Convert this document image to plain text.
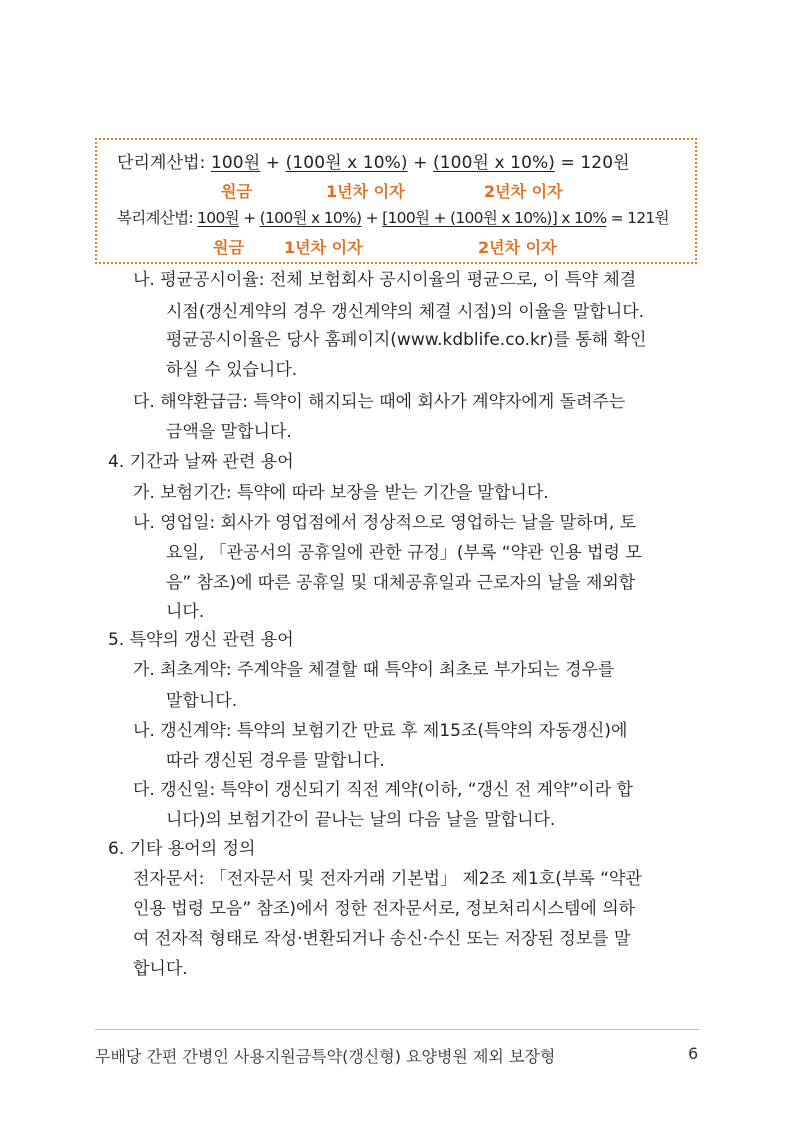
단리계산법: 100원 + (100원 x 10%) + (100원 x 10%) = 120원
원금	1년차 이자	2년차 이자
복리계산법: 100원 + (100원 x 10%) + [100원 + (100원 x 10%)] x 10% = 121원
원금	1년차 이자	2년차 이자
나. 평균공시이율: 전체 보험회사 공시이율의 평균으로, 이 특약 체결
시점(갱신계약의 경우 갱신계약의 체결 시점)의 이율을 말합니다.
평균공시이율은 당사 홈페이지(www.kdblife.co.kr)를 통해 확인
하실 수 있습니다.
다. 해약환급금: 특약이 해지되는 때에 회사가 계약자에게 돌려주는
금액을 말합니다.
4. 기간과 날짜 관련 용어
가. 보험기간: 특약에 따라 보장을 받는 기간을 말합니다.
나. 영업일: 회사가 영업점에서 정상적으로 영업하는 날을 말하며, 토
요일, 「관공서의 공휴일에 관한 규정」(부록 “약관 인용 법령 모
음” 참조)에 따른 공휴일 및 대체공휴일과 근로자의 날을 제외합
니다.
5. 특약의 갱신 관련 용어
가. 최초계약: 주계약을 체결할 때 특약이 최초로 부가되는 경우를
말합니다.
나. 갱신계약: 특약의 보험기간 만료 후 제15조(특약의 자동갱신)에
따라 갱신된 경우를 말합니다.
다. 갱신일: 특약이 갱신되기 직전 계약(이하, “갱신 전 계약”이라 합
니다)의 보험기간이 끝나는 날의 다음 날을 말합니다.
6. 기타 용어의 정의
전자문서: 「전자문서 및 전자거래 기본법」 제2조 제1호(부록 “약관
인용 법령 모음” 참조)에서 정한 전자문서로, 정보처리시스템에 의하
여 전자적 형태로 작성·변환되거나 송신·수신 또는 저장된 정보를 말
합니다.
무배당 간편 간병인 사용지원금특약(갱신형) 요양병원 제외 보장형	6
